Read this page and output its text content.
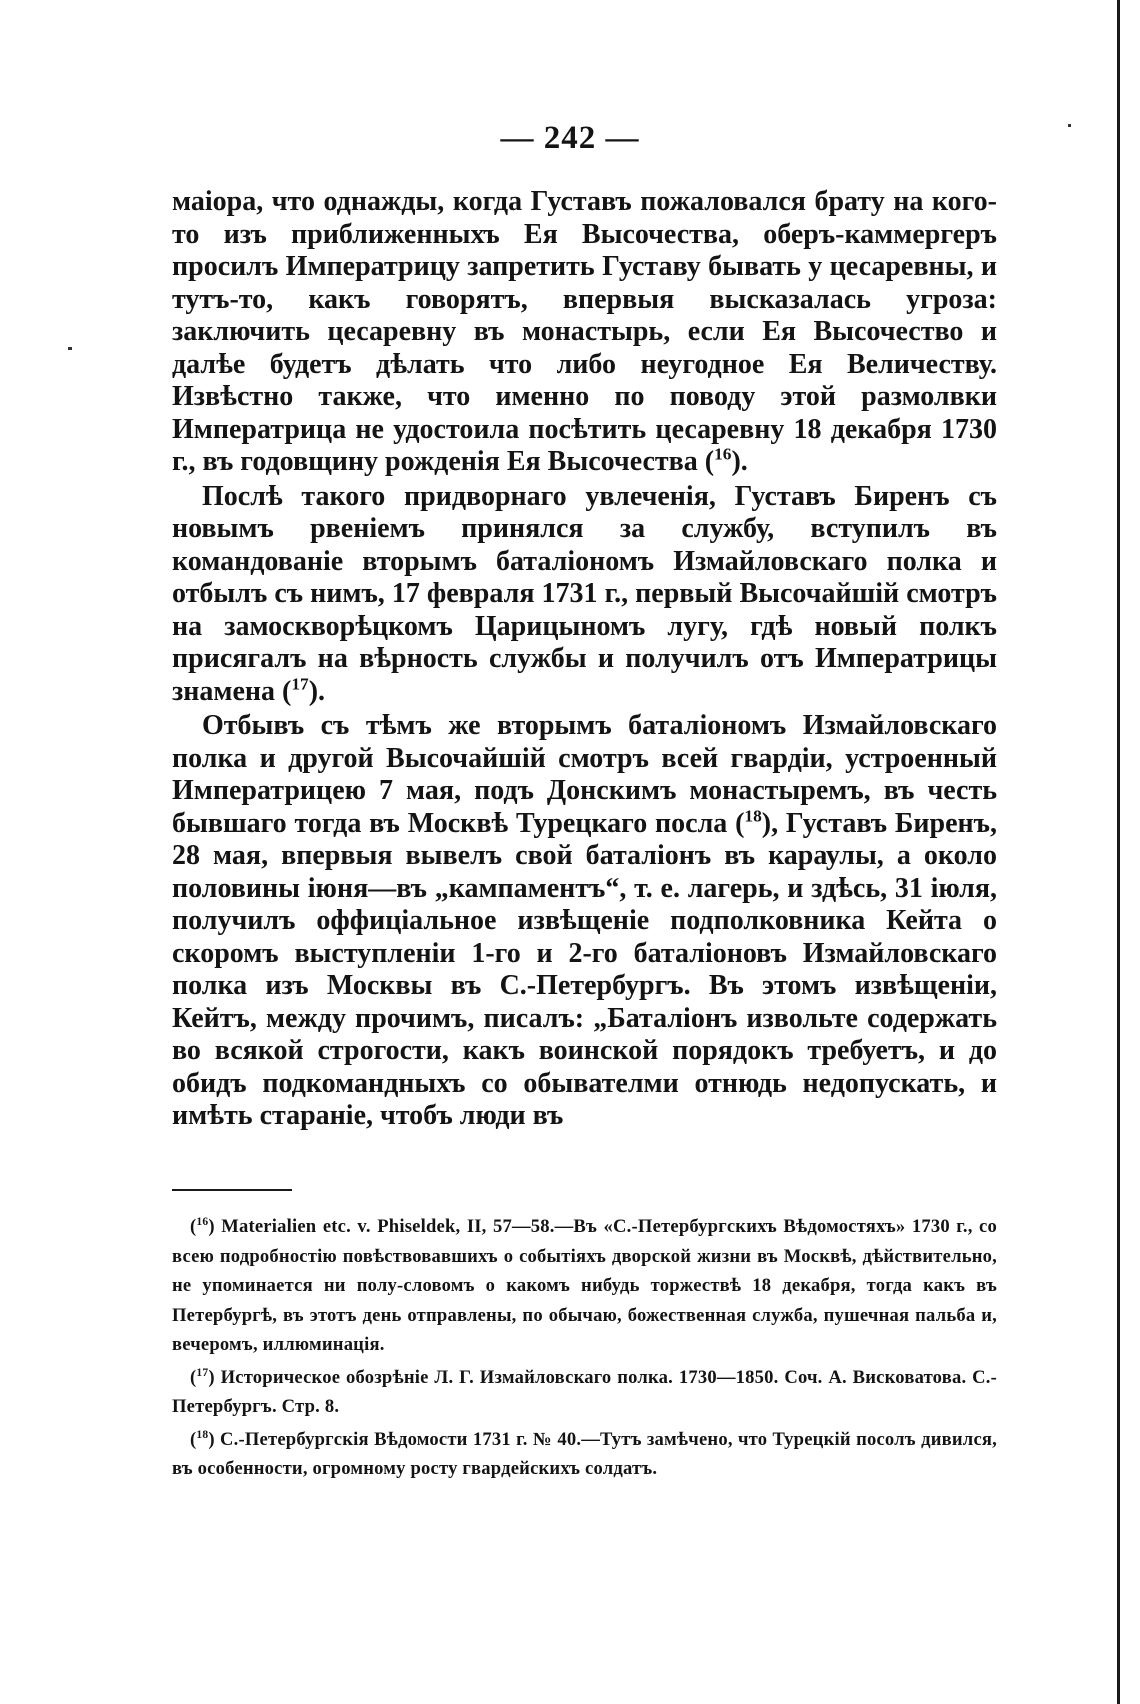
— 242 —

маіора, что однажды, когда Густавъ пожаловался брату на кого-то изъ приближенныхъ Ея Высочества, оберъ-каммергеръ просилъ Императрицу запретить Густаву бывать у цесаревны, и тутъ-то, какъ говорятъ, впервыя высказалась угроза: заключить цесаревну въ монастырь, если Ея Высочество и далѣе будетъ дѣлать что либо неугодное Ея Величеству. Извѣстно также, что именно по поводу этой размолвки Императрица не удостоила посѣтить цесаревну 18 декабря 1730 г., въ годовщину рожденія Ея Высочества ($^{16}$).

Послѣ такого придворнаго увлеченія, Густавъ Биренъ съ новымъ рвеніемъ принялся за службу, вступилъ въ командованіе вторымъ баталіономъ Измайловскаго полка и отбылъ съ нимъ, 17 февраля 1731 г., первый Высочайшій смотръ на замоскворѣцкомъ Царицыномъ лугу, гдѣ новый полкъ присягалъ на вѣрность службы и получилъ отъ Императрицы знамена ($^{17}$).

Отбывъ съ тѣмъ же вторымъ баталіономъ Измайловскаго полка и другой Высочайшій смотръ всей гвардіи, устроенный Императрицею 7 мая, подъ Донскимъ монастыремъ, въ честь бывшаго тогда въ Москвѣ Турецкаго посла ($^{18}$), Густавъ Биренъ, 28 мая, впервыя вывелъ свой баталіонъ въ караулы, а около половины іюня—въ „кампаментъ“, т. е. лагерь, и здѣсь, 31 іюля, получилъ оффиціальное извѣщеніе подполковника Кейта о скоромъ выступленіи 1-го и 2-го баталіоновъ Измайловскаго полка изъ Москвы въ С.-Петербургъ. Въ этомъ извѣщеніи, Кейтъ, между прочимъ, писалъ: „Баталіонъ извольте содержать во всякой строгости, какъ воинской порядокъ требуетъ, и до обидъ подкомандныхъ со обывателми отнюдь недопускать, и имѣть стараніе, чтобъ люди въ

($^{16}$) Materialien etc. v. Phiseldek, II, 57—58.—Въ «С.-Петербургскихъ Вѣдомостяхъ» 1730 г., со всею подробностію повѣствовавшихъ о событіяхъ дворской жизни въ Москвѣ, дѣйствительно, не упоминается ни полу-словомъ о какомъ нибудь торжествѣ 18 декабря, тогда какъ въ Петербургѣ, въ этотъ день отправлены, по обычаю, божественная служба, пушечная пальба и, вечеромъ, иллюминація.

($^{17}$) Историческое обозрѣніе Л. Г. Измайловскаго полка. 1730—1850. Соч. А. Висковатова. С.-Петербургъ. Стр. 8.

($^{18}$) С.-Петербургскія Вѣдомости 1731 г. № 40.—Тутъ замѣчено, что Турецкій посолъ дивился, въ особенности, огромному росту гвардейскихъ солдатъ.
